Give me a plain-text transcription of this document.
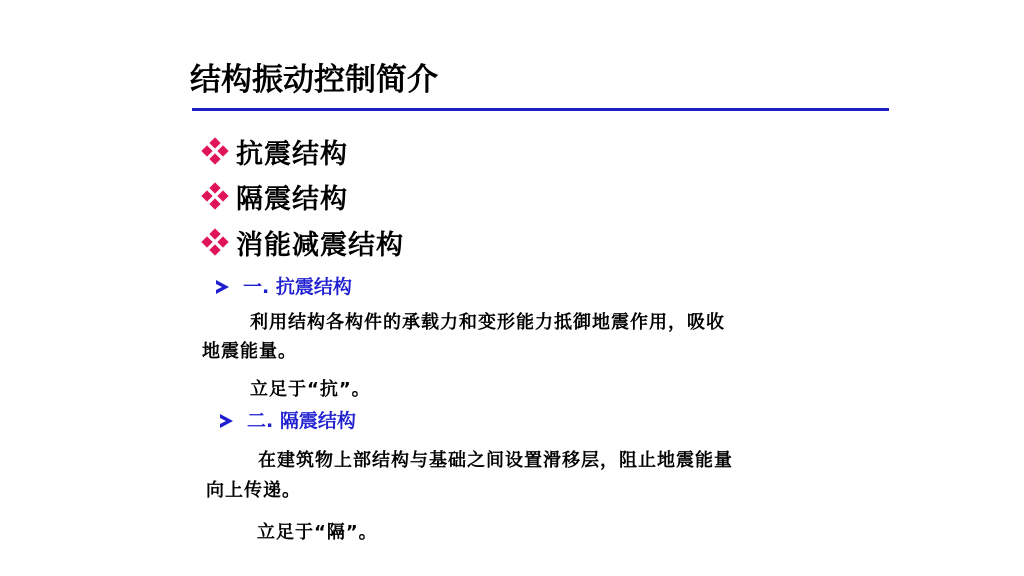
结构振动控制简介
抗震结构
隔震结构
消能减震结构
一. 抗震结构
利用结构各构件的承载力和变形能力抵御地震作用，吸收
地震能量。
立足于“抗”。
二. 隔震结构
在建筑物上部结构与基础之间设置滑移层，阻止地震能量
向上传递。
立足于“隔”。
